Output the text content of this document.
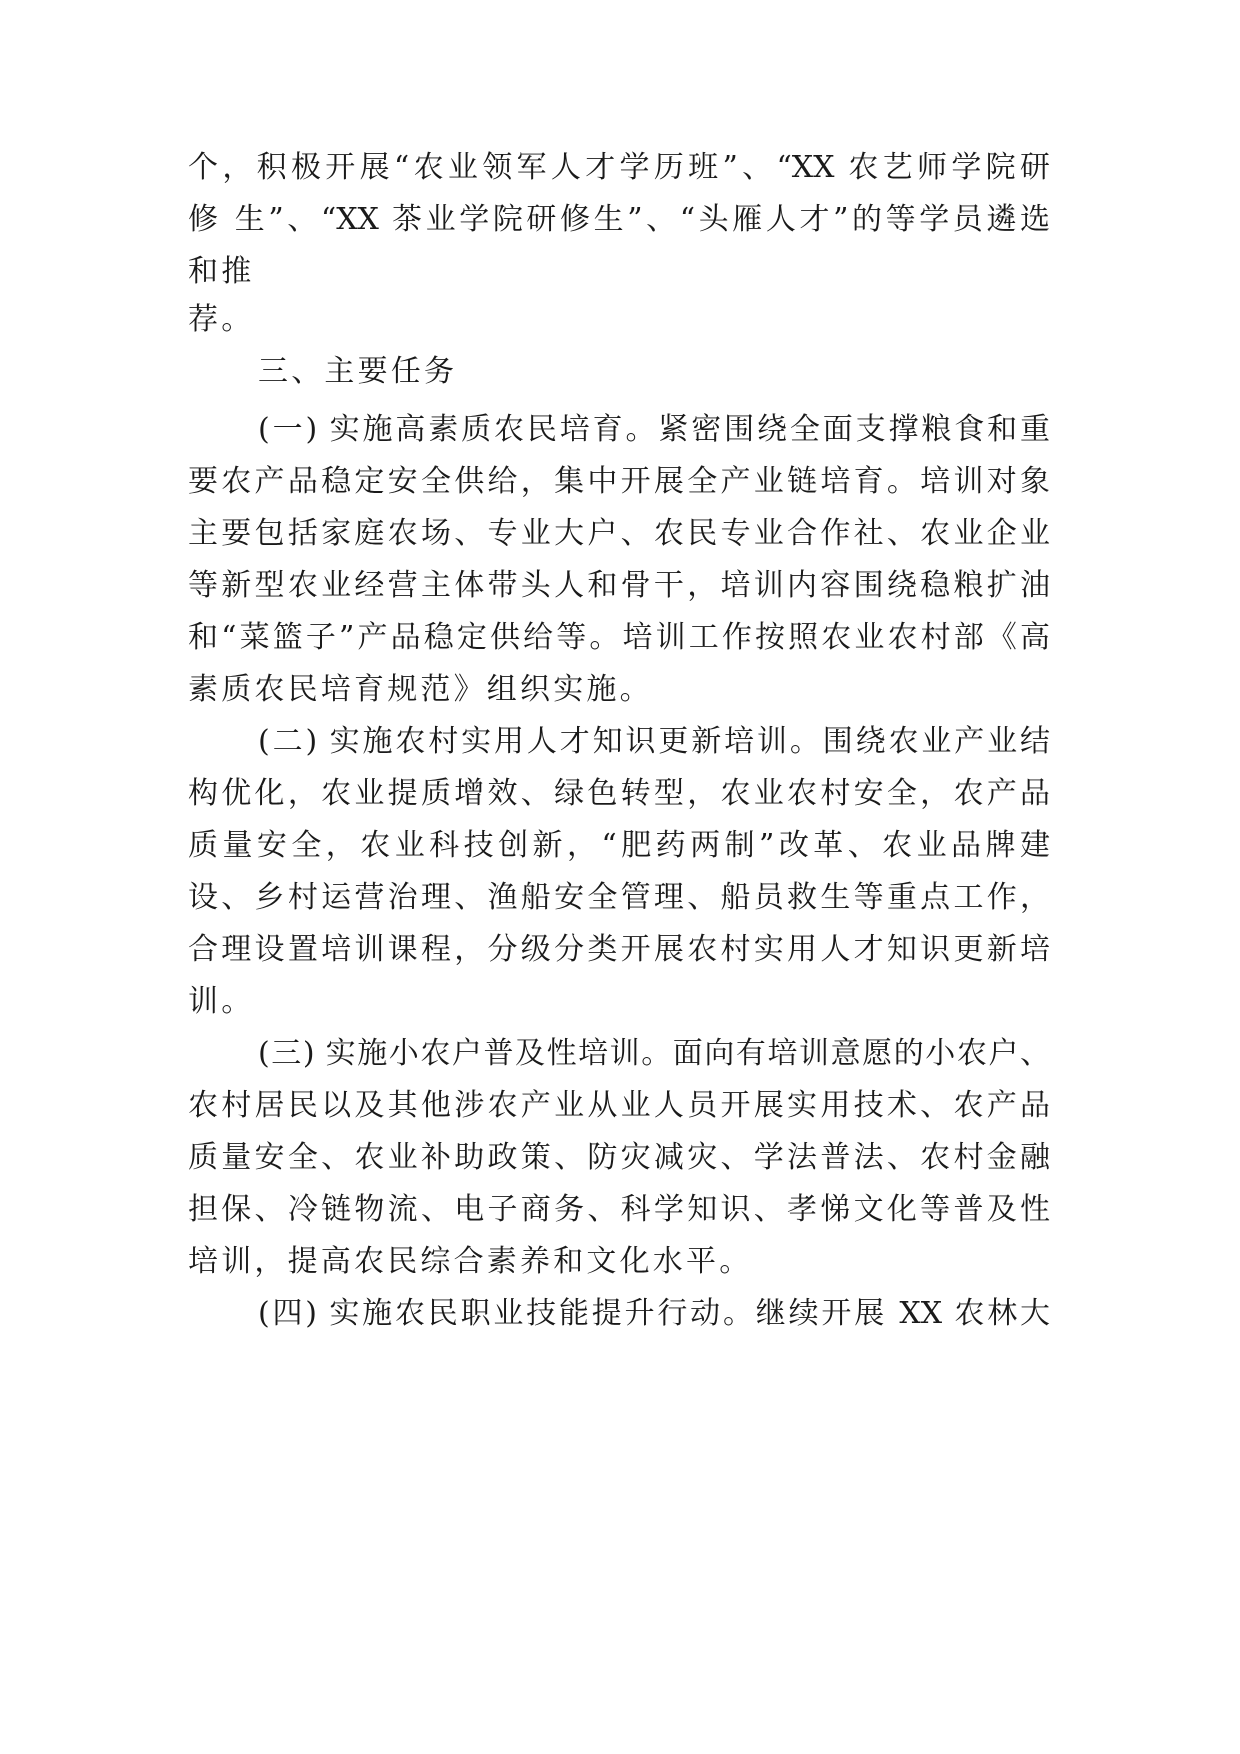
个，积极开展“农业领军人才学历班”、“XX 农艺师学院研
修 生”、“XX 茶业学院研修生”、“头雁人才”的等学员遴选
和推
荐。
三、主要任务
(一) 实施高素质农民培育。紧密围绕全面支撑粮食和重
要农产品稳定安全供给，集中开展全产业链培育。培训对象
主要包括家庭农场、专业大户、农民专业合作社、农业企业
等新型农业经营主体带头人和骨干，培训内容围绕稳粮扩油
和“菜篮子”产品稳定供给等。培训工作按照农业农村部《高
素质农民培育规范》组织实施。
(二) 实施农村实用人才知识更新培训。围绕农业产业结
构优化，农业提质增效、绿色转型，农业农村安全，农产品
质量安全，农业科技创新，“肥药两制”改革、农业品牌建
设、乡村运营治理、渔船安全管理、船员救生等重点工作，
合理设置培训课程，分级分类开展农村实用人才知识更新培
训。
(三) 实施小农户普及性培训。面向有培训意愿的小农户、
农村居民以及其他涉农产业从业人员开展实用技术、农产品
质量安全、农业补助政策、防灾减灾、学法普法、农村金融
担保、冷链物流、电子商务、科学知识、孝悌文化等普及性
培训，提高农民综合素养和文化水平。
(四) 实施农民职业技能提升行动。继续开展 XX 农林大
